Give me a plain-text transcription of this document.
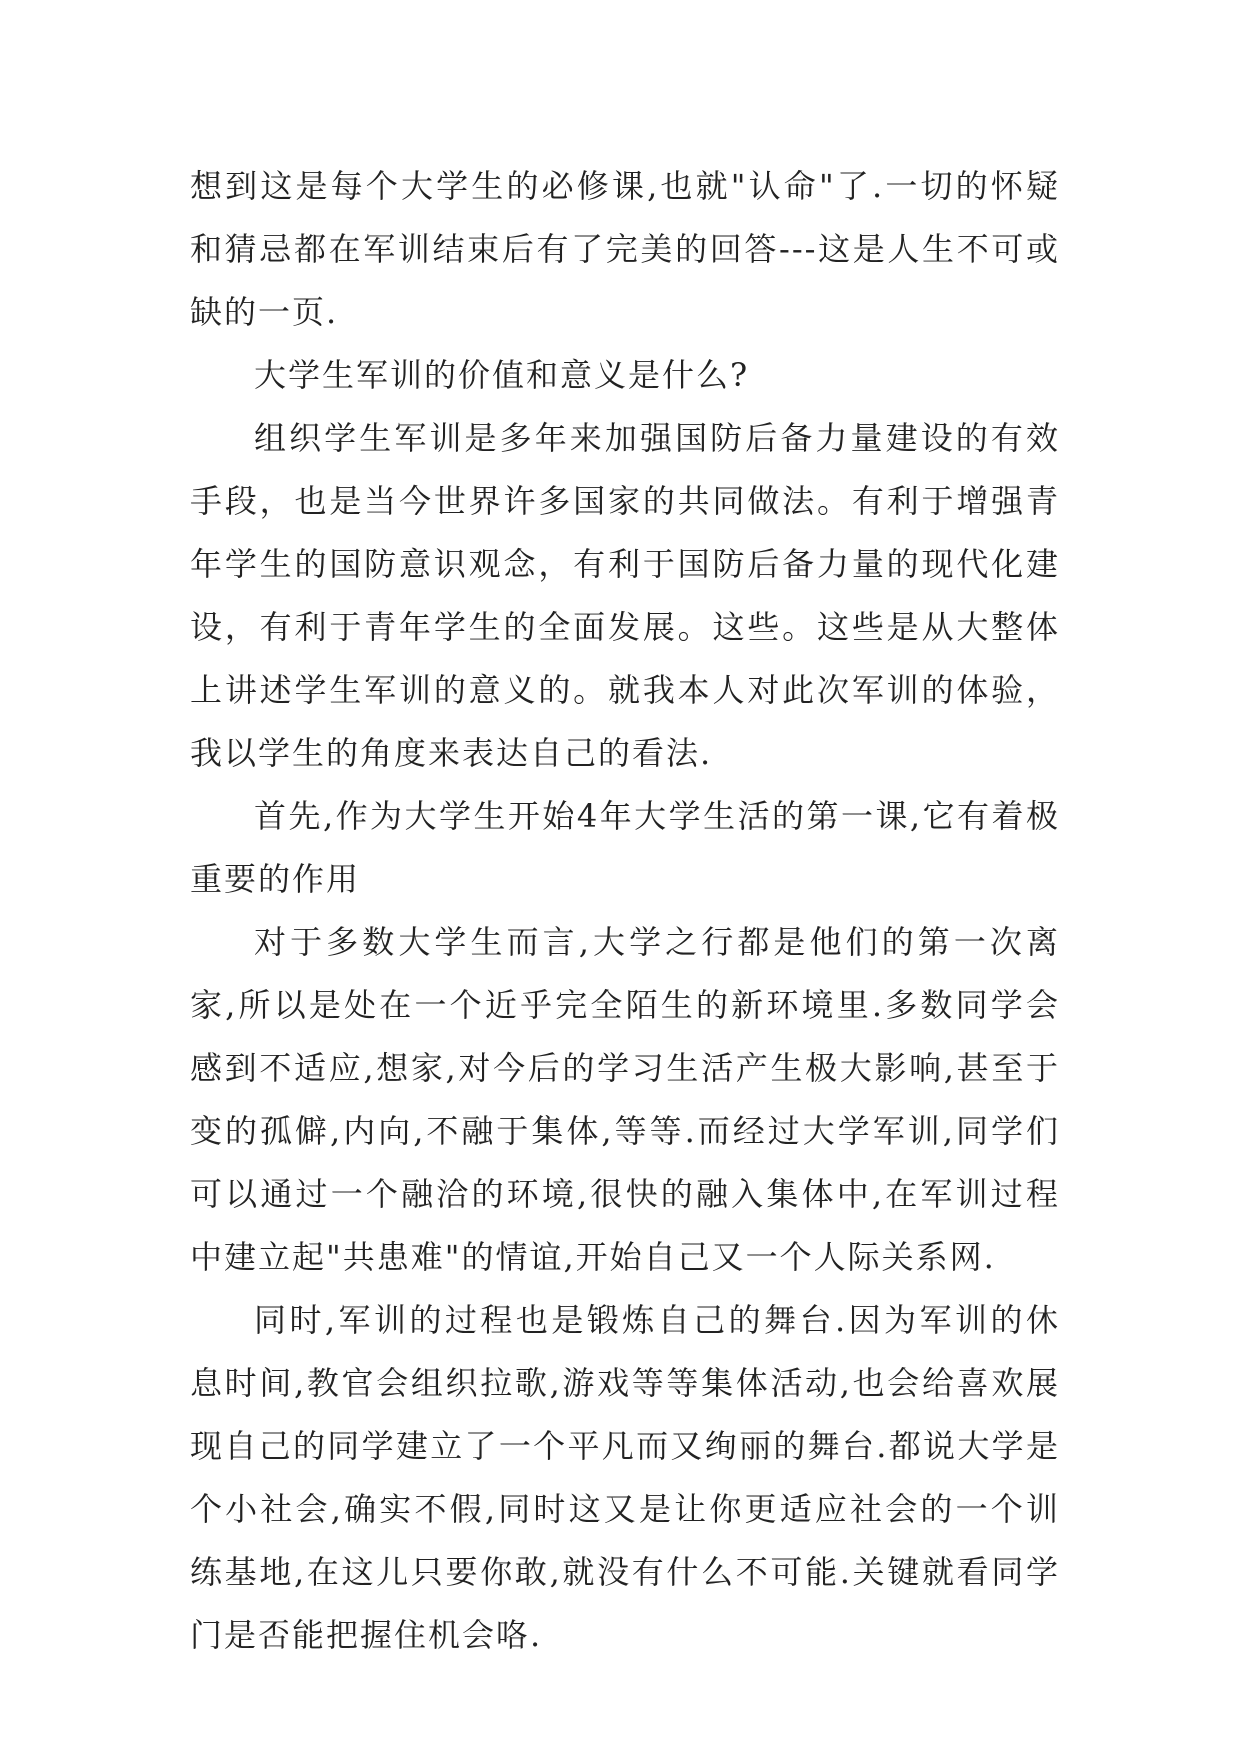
想到这是每个大学生的必修课,也就"认命"了.一切的怀疑和猜忌都在军训结束后有了完美的回答---这是人生不可或缺的一页.

大学生军训的价值和意义是什么?

组织学生军训是多年来加强国防后备力量建设的有效手段，也是当今世界许多国家的共同做法。有利于增强青年学生的国防意识观念，有利于国防后备力量的现代化建设，有利于青年学生的全面发展。这些。这些是从大整体上讲述学生军训的意义的。就我本人对此次军训的体验，我以学生的角度来表达自己的看法.

首先,作为大学生开始4年大学生活的第一课,它有着极重要的作用

对于多数大学生而言,大学之行都是他们的第一次离家,所以是处在一个近乎完全陌生的新环境里.多数同学会感到不适应,想家,对今后的学习生活产生极大影响,甚至于变的孤僻,内向,不融于集体,等等.而经过大学军训,同学们可以通过一个融洽的环境,很快的融入集体中,在军训过程中建立起"共患难"的情谊,开始自己又一个人际关系网.

同时,军训的过程也是锻炼自己的舞台.因为军训的休息时间,教官会组织拉歌,游戏等等集体活动,也会给喜欢展现自己的同学建立了一个平凡而又绚丽的舞台.都说大学是个小社会,确实不假,同时这又是让你更适应社会的一个训练基地,在这儿只要你敢,就没有什么不可能.关键就看同学门是否能把握住机会咯.
